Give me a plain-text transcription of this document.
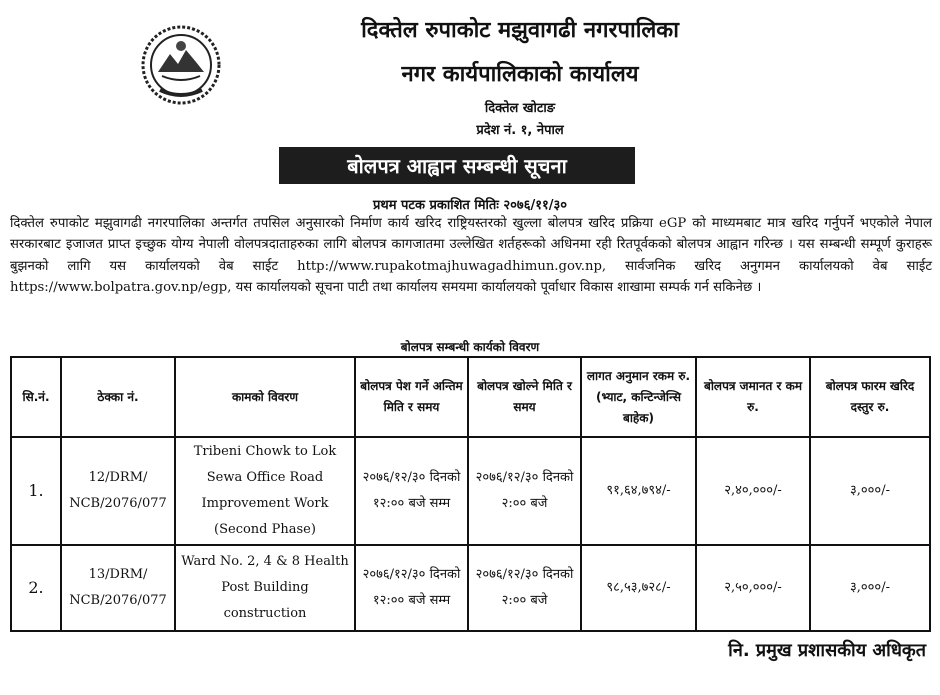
दिक्तेल रुपाकोट मझुवागढी नगरपालिका
नगर कार्यपालिकाको कार्यालय
दिक्तेल खोटाङ
प्रदेश नं. १, नेपाल
बोलपत्र आह्वान सम्बन्धी सूचना
प्रथम पटक प्रकाशित मितिः २०७६/११/३०
दिक्तेल रुपाकोट मझुवागढी नगरपालिका अन्तर्गत तपसिल अनुसारको निर्माण कार्य खरिद राष्ट्रियस्तरको खुल्ला बोलपत्र खरिद प्रक्रिया eGP को माध्यमबाट मात्र खरिद गर्नुपर्ने भएकोले नेपाल सरकारबाट इजाजत प्राप्त इच्छुक योग्य नेपाली वोलपत्रदाताहरुका लागि बोलपत्र कागजातमा उल्लेखित शर्तहरूको अधिनमा रही रितपूर्वकको बोलपत्र आह्वान गरिन्छ । यस सम्बन्धी सम्पूर्ण कुराहरू बुझनको लागि यस कार्यालयको वेब साईट http://www.rupakotmajhuwagadhimun.gov.np, सार्वजनिक खरिद अनुगमन कार्यालयको वेब साईट https://www.bolpatra.gov.np/egp, यस कार्यालयको सूचना पाटी तथा कार्यालय समयमा कार्यालयको पूर्वाधार विकास शाखामा सम्पर्क गर्न सकिनेछ ।
बोलपत्र सम्बन्धी कार्यको विवरण
सि.नं.	ठेक्का नं.	कामको विवरण	बोलपत्र पेश गर्ने अन्तिम मिति र समय	बोलपत्र खोल्ने मिति र समय	लागत अनुमान रकम रु. (भ्याट, कन्टिन्जेन्सि बाहेक)	बोलपत्र जमानत र कम रु.	बोलपत्र फारम खरिद दस्तुर रु.
1.	12/DRM/ NCB/2076/077	Tribeni Chowk to Lok Sewa Office Road Improvement Work (Second Phase)	२०७६/१२/३० दिनको १२:०० बजे सम्म	२०७६/१२/३० दिनको २:०० बजे	९१,६४,७९४/-	२,४०,०००/-	३,०००/-
2.	13/DRM/ NCB/2076/077	Ward No. 2, 4 & 8 Health Post Building construction	२०७६/१२/३० दिनको १२:०० बजे सम्म	२०७६/१२/३० दिनको २:०० बजे	९८,५३,७२८/-	२,५०,०००/-	३,०००/-
नि. प्रमुख प्रशासकीय अधिकृत
